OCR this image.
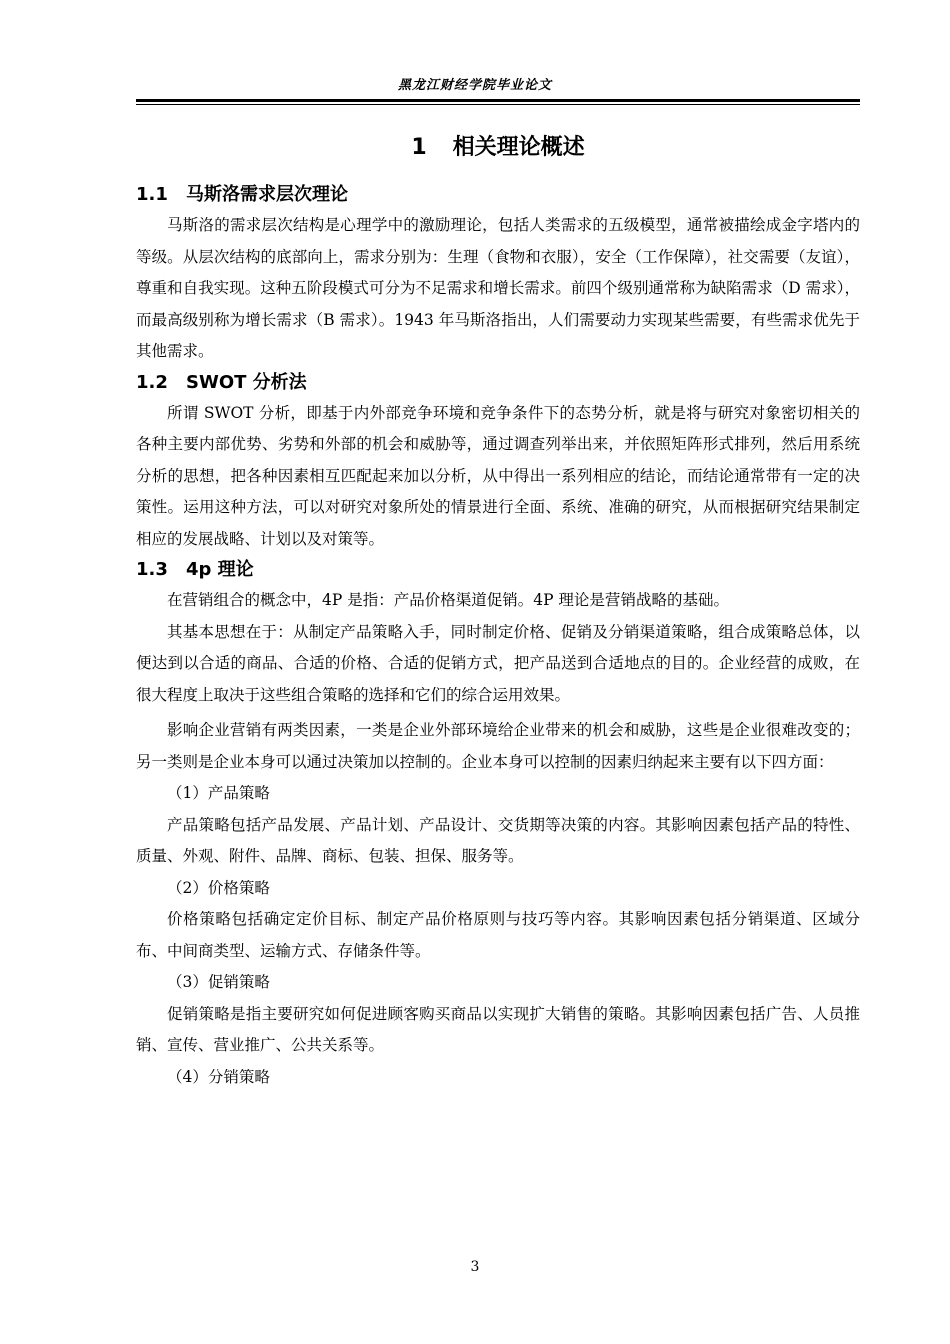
黑龙江财经学院毕业论文
1 相关理论概述
1.1 马斯洛需求层次理论

马斯洛的需求层次结构是心理学中的激励理论，包括人类需求的五级模型，通常被描绘成金字塔内的等级。从层次结构的底部向上，需求分别为：生理（食物和衣服），安全（工作保障），社交需要（友谊），尊重和自我实现。这种五阶段模式可分为不足需求和增长需求。前四个级别通常称为缺陷需求（D 需求），而最高级别称为增长需求（B 需求）。1943 年马斯洛指出，人们需要动力实现某些需要，有些需求优先于其他需求。

1.2 SWOT 分析法

所谓 SWOT 分析，即基于内外部竞争环境和竞争条件下的态势分析，就是将与研究对象密切相关的各种主要内部优势、劣势和外部的机会和威胁等，通过调查列举出来，并依照矩阵形式排列，然后用系统分析的思想，把各种因素相互匹配起来加以分析，从中得出一系列相应的结论，而结论通常带有一定的决策性。运用这种方法，可以对研究对象所处的情景进行全面、系统、准确的研究，从而根据研究结果制定相应的发展战略、计划以及对策等。

1.3 4p 理论

在营销组合的概念中，4P 是指：产品价格渠道促销。4P 理论是营销战略的基础。

其基本思想在于：从制定产品策略入手，同时制定价格、促销及分销渠道策略，组合成策略总体，以便达到以合适的商品、合适的价格、合适的促销方式，把产品送到合适地点的目的。企业经营的成败，在很大程度上取决于这些组合策略的选择和它们的综合运用效果。

影响企业营销有两类因素，一类是企业外部环境给企业带来的机会和威胁，这些是企业很难改变的；另一类则是企业本身可以通过决策加以控制的。企业本身可以控制的因素归纳起来主要有以下四方面：

（1）产品策略

产品策略包括产品发展、产品计划、产品设计、交货期等决策的内容。其影响因素包括产品的特性、质量、外观、附件、品牌、商标、包装、担保、服务等。

（2）价格策略

价格策略包括确定定价目标、制定产品价格原则与技巧等内容。其影响因素包括分销渠道、区域分布、中间商类型、运输方式、存储条件等。

（3）促销策略

促销策略是指主要研究如何促进顾客购买商品以实现扩大销售的策略。其影响因素包括广告、人员推销、宣传、营业推广、公共关系等。

（4）分销策略

3
